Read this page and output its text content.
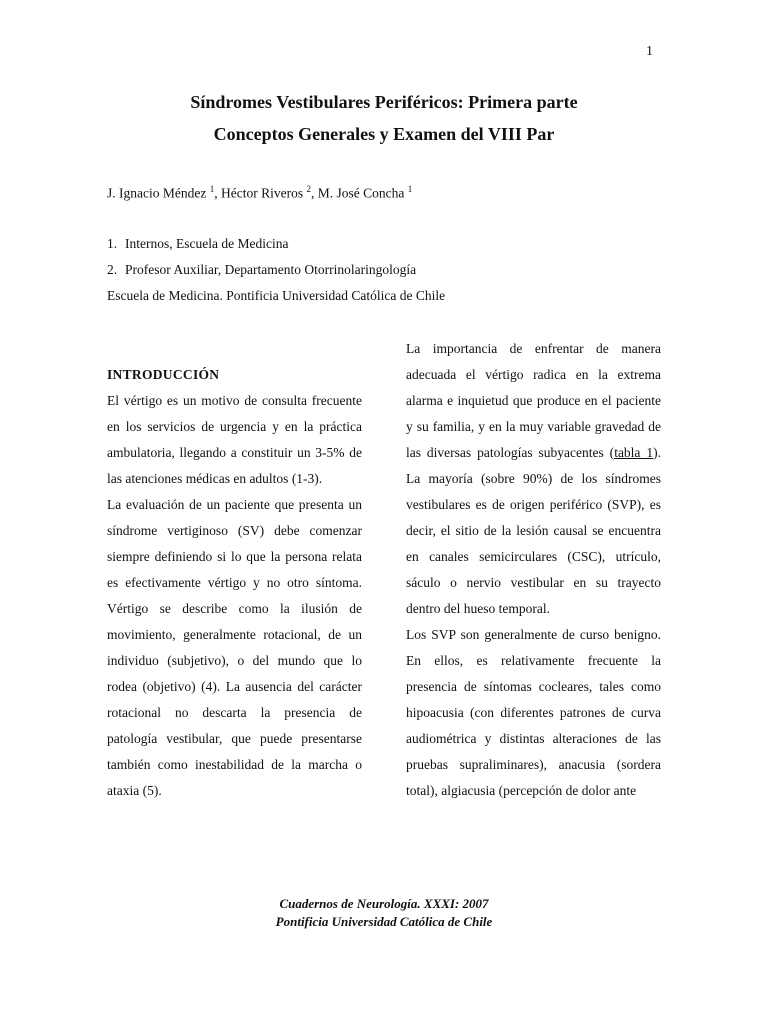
1
Síndromes Vestibulares Periféricos: Primera parte
Conceptos Generales y Examen del VIII Par
J. Ignacio Méndez $^1$, Héctor Riveros $^2$, M. José Concha $^1$
1. Internos, Escuela de Medicina
2. Profesor Auxiliar, Departamento Otorrinolaringología
Escuela de Medicina. Pontificia Universidad Católica de Chile
INTRODUCCIÓN

El vértigo es un motivo de consulta frecuente en los servicios de urgencia y en la práctica ambulatoria, llegando a constituir un 3-5% de las atenciones médicas en adultos (1-3).

La evaluación de un paciente que presenta un síndrome vertiginoso (SV) debe comenzar siempre definiendo si lo que la persona relata es efectivamente vértigo y no otro síntoma. Vértigo se describe como la ilusión de movimiento, generalmente rotacional, de un individuo (subjetivo), o del mundo que lo rodea (objetivo) (4). La ausencia del carácter rotacional no descarta la presencia de patología vestibular, que puede presentarse también como inestabilidad de la marcha o ataxia (5).

La importancia de enfrentar de manera adecuada el vértigo radica en la extrema alarma e inquietud que produce en el paciente y su familia, y en la muy variable gravedad de las diversas patologías subyacentes (tabla 1). La mayoría (sobre 90%) de los síndromes vestibulares es de origen periférico (SVP), es decir, el sitio de la lesión causal se encuentra en canales semicirculares (CSC), utrículo, sáculo o nervio vestibular en su trayecto dentro del hueso temporal.

Los SVP son generalmente de curso benigno. En ellos, es relativamente frecuente la presencia de síntomas cocleares, tales como hipoacusia (con diferentes patrones de curva audiométrica y distintas alteraciones de las pruebas supraliminares), anacusia (sordera total), algiacusia (percepción de dolor ante

Cuadernos de Neurología. XXXI: 2007
Pontificia Universidad Católica de Chile
